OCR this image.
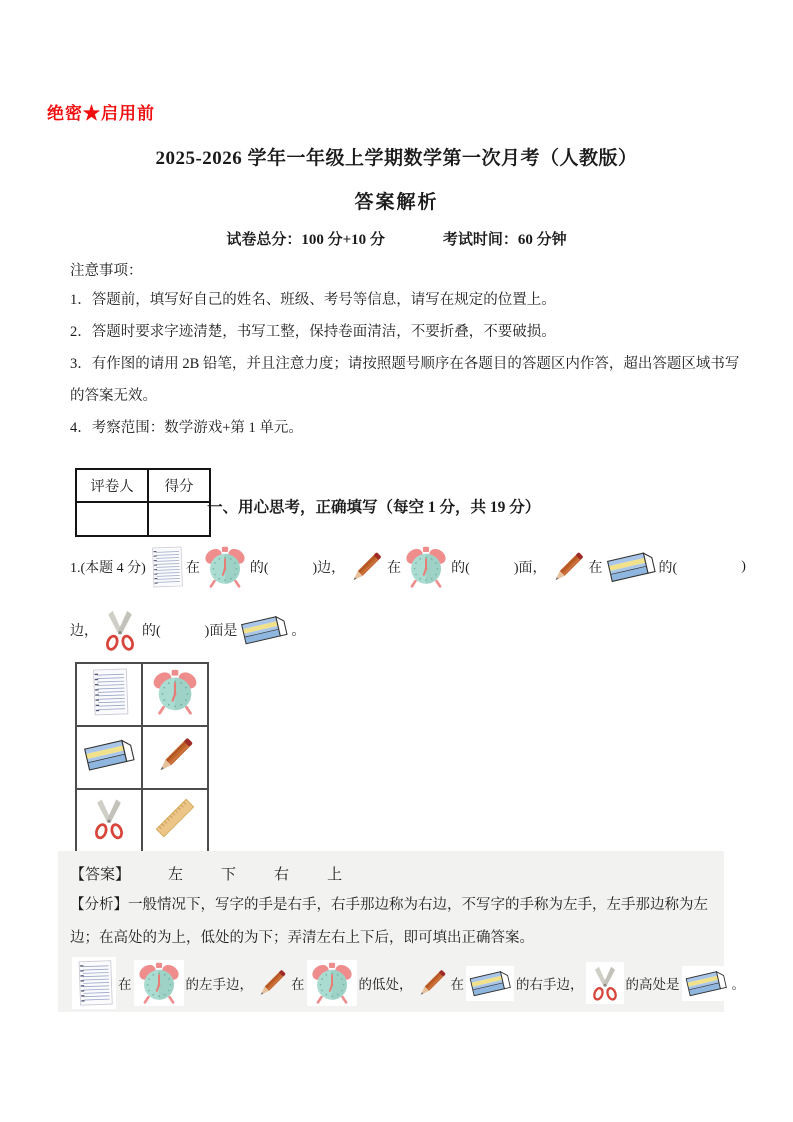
绝密★启用前
2025-2026 学年一年级上学期数学第一次月考（人教版）
答案解析
试卷总分：100 分+10 分	考试时间：60 分钟
注意事项：
1．答题前，填写好自己的姓名、班级、考号等信息，请写在规定的位置上。
2．答题时要求字迹清楚，书写工整，保持卷面清洁，不要折叠，不要破损。
3．有作图的请用 2B 铅笔，并且注意力度；请按照题号顺序在各题目的答题区内作答，超出答题区域书写的答案无效。
4．考察范围：数学游戏+第 1 单元。
评卷人	得分

一、用心思考，正确填写（每空 1 分，共 19 分）
1.(本题 4 分)	在	的(	)边，	在	的(	)面，	在	的(	)
边，	的(	)面是	。

【答案】	左	下	右	上
【分析】一般情况下，写字的手是右手，右手那边称为右边，不写字的手称为左手，左手那边称为左边；在高处的为上，低处的为下；弄清左右上下后，即可填出正确答案。
在	的左手边，	在	的低处，	在	的右手边，	的高处是	。
